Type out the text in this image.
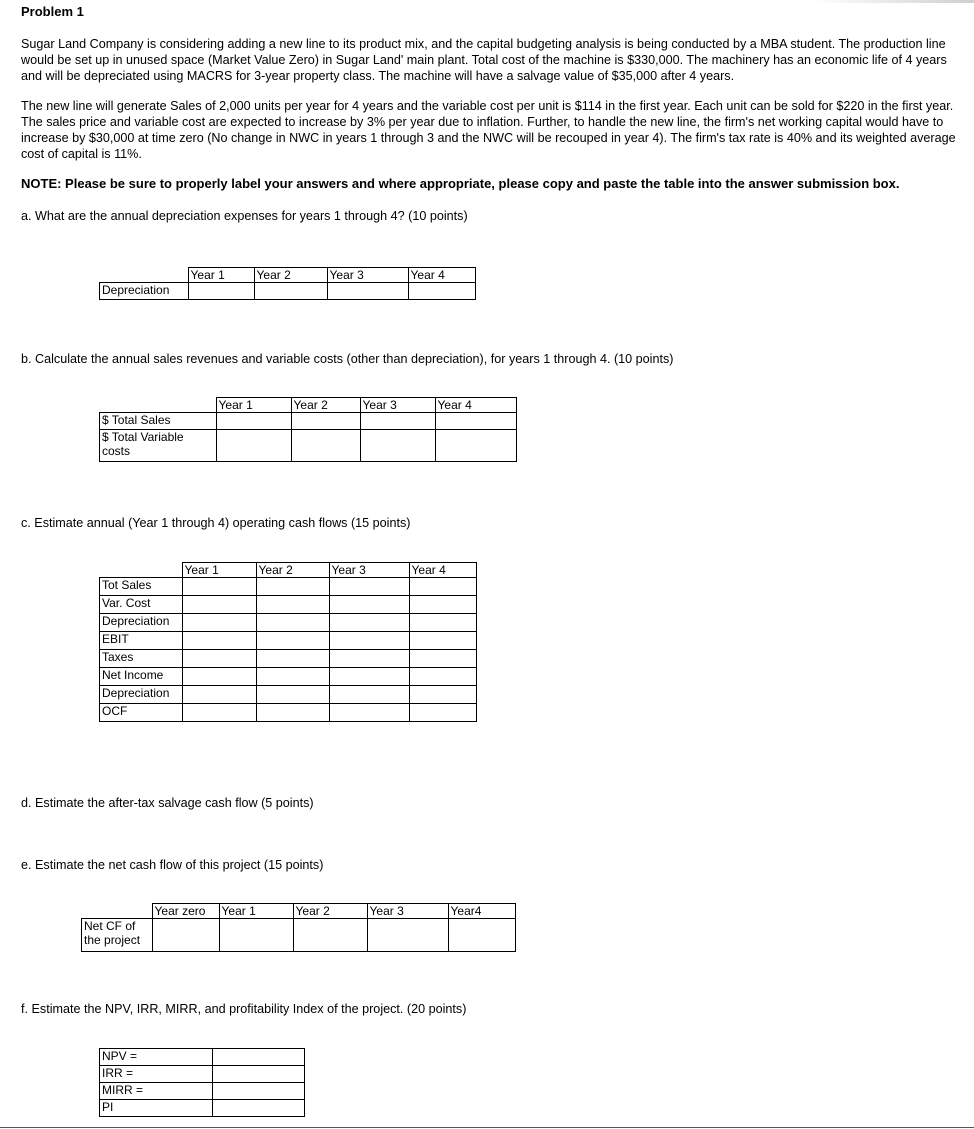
Problem 1
Sugar Land Company is considering adding a new line to its product mix, and the capital budgeting analysis is being conducted by a MBA student. The production line would be set up in unused space (Market Value Zero) in Sugar Land' main plant. Total cost of the machine is $330,000. The machinery has an economic life of 4 years and will be depreciated using MACRS for 3-year property class. The machine will have a salvage value of $35,000 after 4 years.
The new line will generate Sales of 2,000 units per year for 4 years and the variable cost per unit is $114 in the first year. Each unit can be sold for $220 in the first year. The sales price and variable cost are expected to increase by 3% per year due to inflation. Further, to handle the new line, the firm's net working capital would have to increase by $30,000 at time zero (No change in NWC in years 1 through 3 and the NWC will be recouped in year 4). The firm's tax rate is 40% and its weighted average cost of capital is 11%.
NOTE: Please be sure to properly label your answers and where appropriate, please copy and paste the table into the answer submission box.
a. What are the annual depreciation expenses for years 1 through 4? (10 points)
	Year 1	Year 2	Year 3	Year 4
Depreciation				
b. Calculate the annual sales revenues and variable costs (other than depreciation), for years 1 through 4. (10 points)
	Year 1	Year 2	Year 3	Year 4
$ Total Sales				
$ Total Variable costs				
c. Estimate annual (Year 1 through 4) operating cash flows (15 points)
	Year 1	Year 2	Year 3	Year 4
Tot Sales				
Var. Cost				
Depreciation				
EBIT				
Taxes				
Net Income				
Depreciation				
OCF				
d. Estimate the after-tax salvage cash flow (5 points)
e. Estimate the net cash flow of this project (15 points)
	Year zero	Year 1	Year 2	Year 3	Year4
Net CF of the project					
f. Estimate the NPV, IRR, MIRR, and profitability Index of the project. (20 points)
NPV =	
IRR =	
MIRR =	
PI	
